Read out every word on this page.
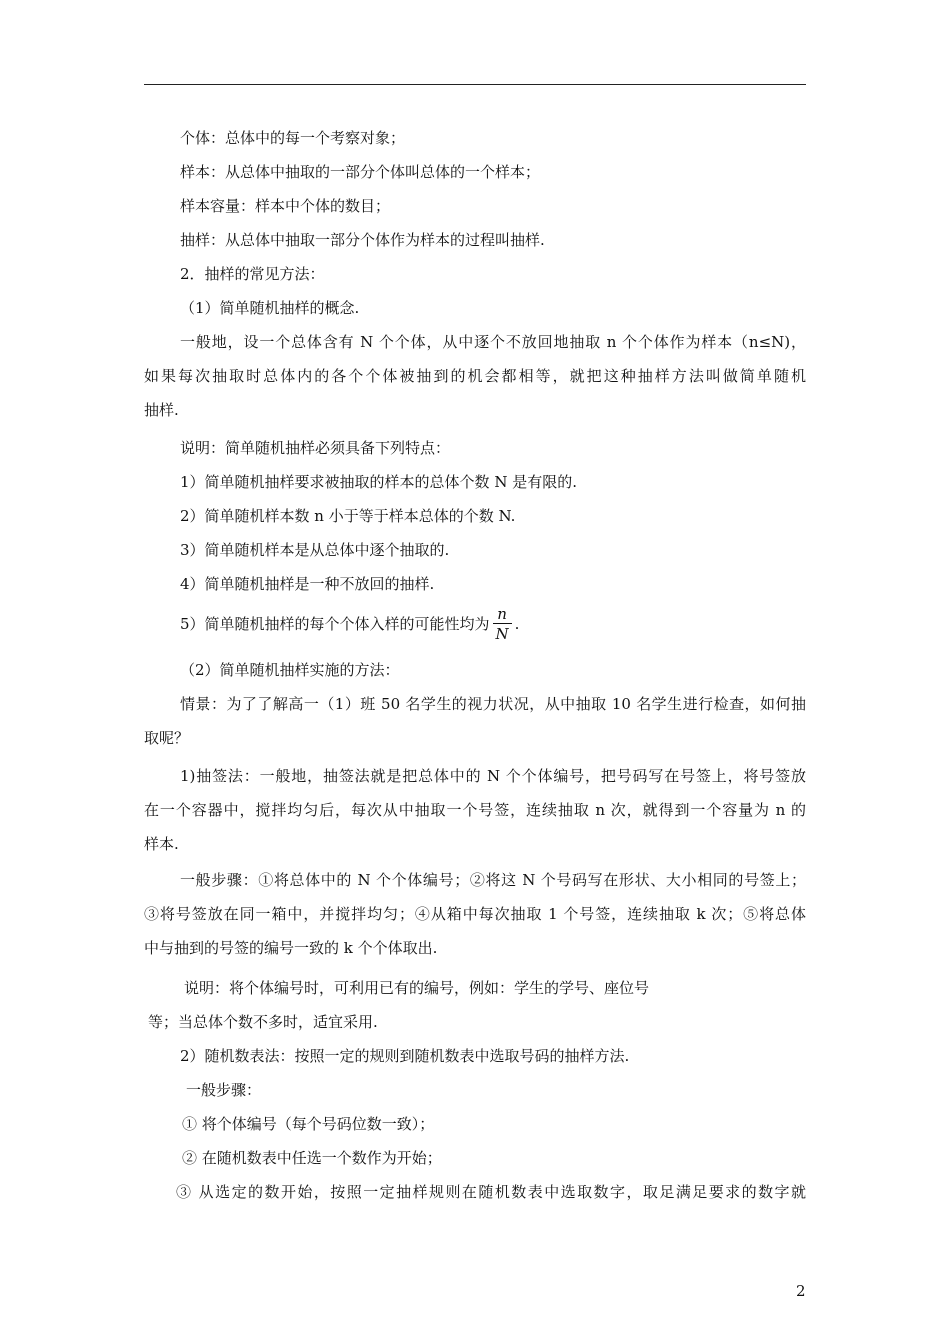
个体：总体中的每一个考察对象；
样本：从总体中抽取的一部分个体叫总体的一个样本；
样本容量：样本中个体的数目；
抽样：从总体中抽取一部分个体作为样本的过程叫抽样.
2．抽样的常见方法：
（1）简单随机抽样的概念.
一般地，设一个总体含有 N 个个体，从中逐个不放回地抽取 n 个个体作为样本（n≤N)，
如果每次抽取时总体内的各个个体被抽到的机会都相等，就把这种抽样方法叫做简单随机
抽样.
说明：简单随机抽样必须具备下列特点：
1）简单随机抽样要求被抽取的样本的总体个数 N 是有限的.
2）简单随机样本数 n 小于等于样本总体的个数 N.
3）简单随机样本是从总体中逐个抽取的.
4）简单随机抽样是一种不放回的抽样.
5）简单随机抽样的每个个体入样的可能性均为 $\frac{n}{N}$ .
（2）简单随机抽样实施的方法：
情景：为了了解高一（1）班 50 名学生的视力状况，从中抽取 10 名学生进行检查，如何抽
取呢？
1)抽签法：一般地，抽签法就是把总体中的 N 个个体编号，把号码写在号签上，将号签放
在一个容器中，搅拌均匀后，每次从中抽取一个号签，连续抽取 n 次，就得到一个容量为 n 的
样本.
一般步骤：①将总体中的 N 个个体编号；②将这 N 个号码写在形状、大小相同的号签上；
③将号签放在同一箱中，并搅拌均匀；④从箱中每次抽取 1 个号签，连续抽取 k 次；⑤将总体
中与抽到的号签的编号一致的 k 个个体取出.
说明：将个体编号时，可利用已有的编号，例如：学生的学号、座位号
等；当总体个数不多时，适宜采用.
2）随机数表法：按照一定的规则到随机数表中选取号码的抽样方法.
一般步骤：
① 将个体编号（每个号码位数一致）；
② 在随机数表中任选一个数作为开始；
③ 从选定的数开始，按照一定抽样规则在随机数表中选取数字，取足满足要求的数字就
2
